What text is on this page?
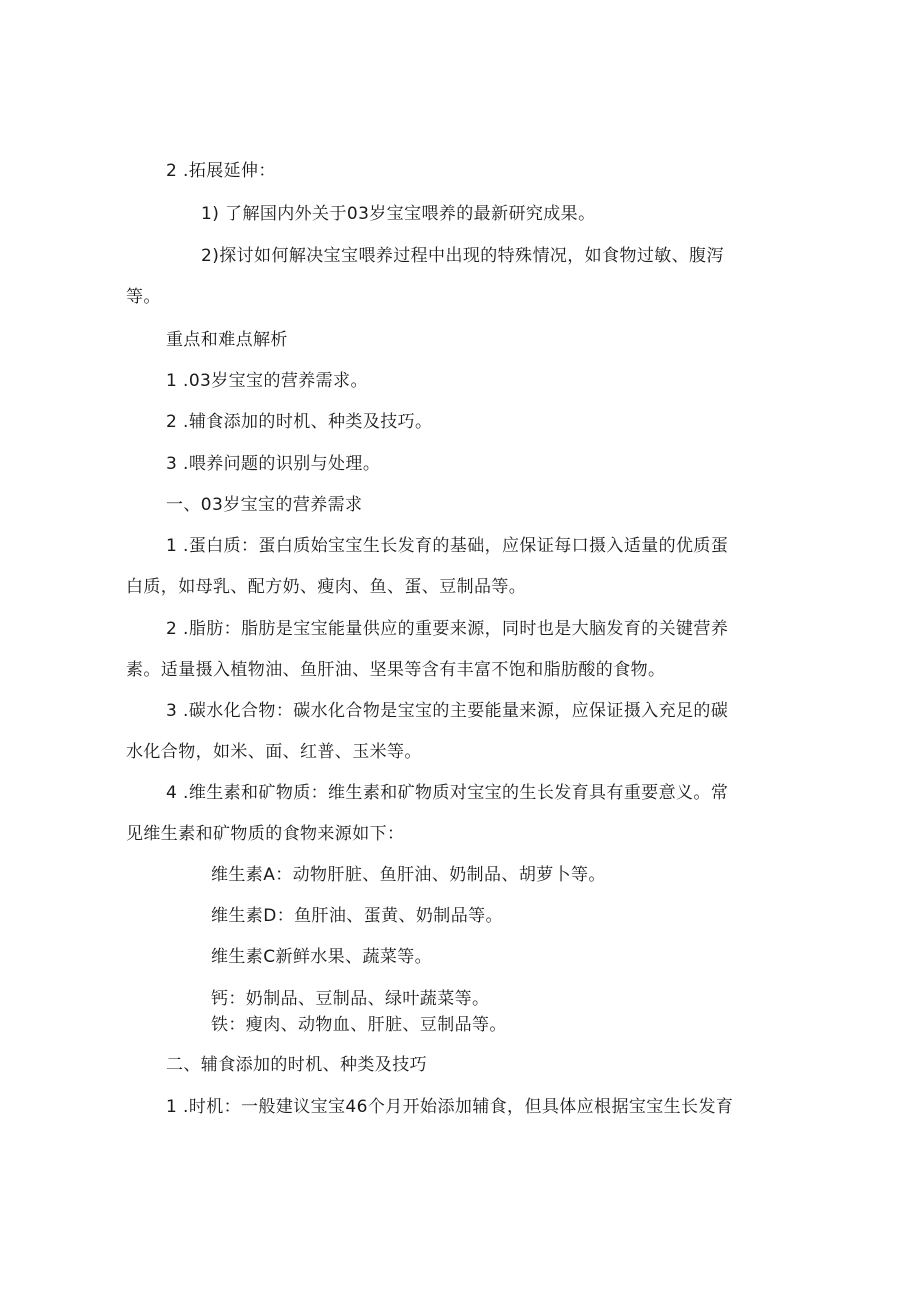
2 .拓展延伸：
1) 了解国内外关于03岁宝宝喂养的最新研究成果。
2)探讨如何解决宝宝喂养过程中出现的特殊情况，如食物过敏、腹泻
等。
重点和难点解析
1 .03岁宝宝的营养需求。
2 .辅食添加的时机、种类及技巧。
3 .喂养问题的识别与处理。
一、03岁宝宝的营养需求
1 .蛋白质：蛋白质始宝宝生长发育的基础，应保证每口摄入适量的优质蛋
白质，如母乳、配方奶、瘦肉、鱼、蛋、豆制品等。
2 .脂肪：脂肪是宝宝能量供应的重要来源，同时也是大脑发育的关键营养
素。适量摄入植物油、鱼肝油、坚果等含有丰富不饱和脂肪酸的食物。
3 .碳水化合物：碳水化合物是宝宝的主要能量来源，应保证摄入充足的碳
水化合物，如米、面、红普、玉米等。
4 .维生素和矿物质：维生素和矿物质对宝宝的生长发育具有重要意义。常
见维生素和矿物质的食物来源如下：
维生素A：动物肝脏、鱼肝油、奶制品、胡萝卜等。
维生素D：鱼肝油、蛋黄、奶制品等。
维生素C新鲜水果、蔬菜等。
钙：奶制品、豆制品、绿叶蔬菜等。
铁：瘦肉、动物血、肝脏、豆制品等。
二、辅食添加的时机、种类及技巧
1 .时机：一般建议宝宝46个月开始添加辅食，但具体应根据宝宝生长发育
